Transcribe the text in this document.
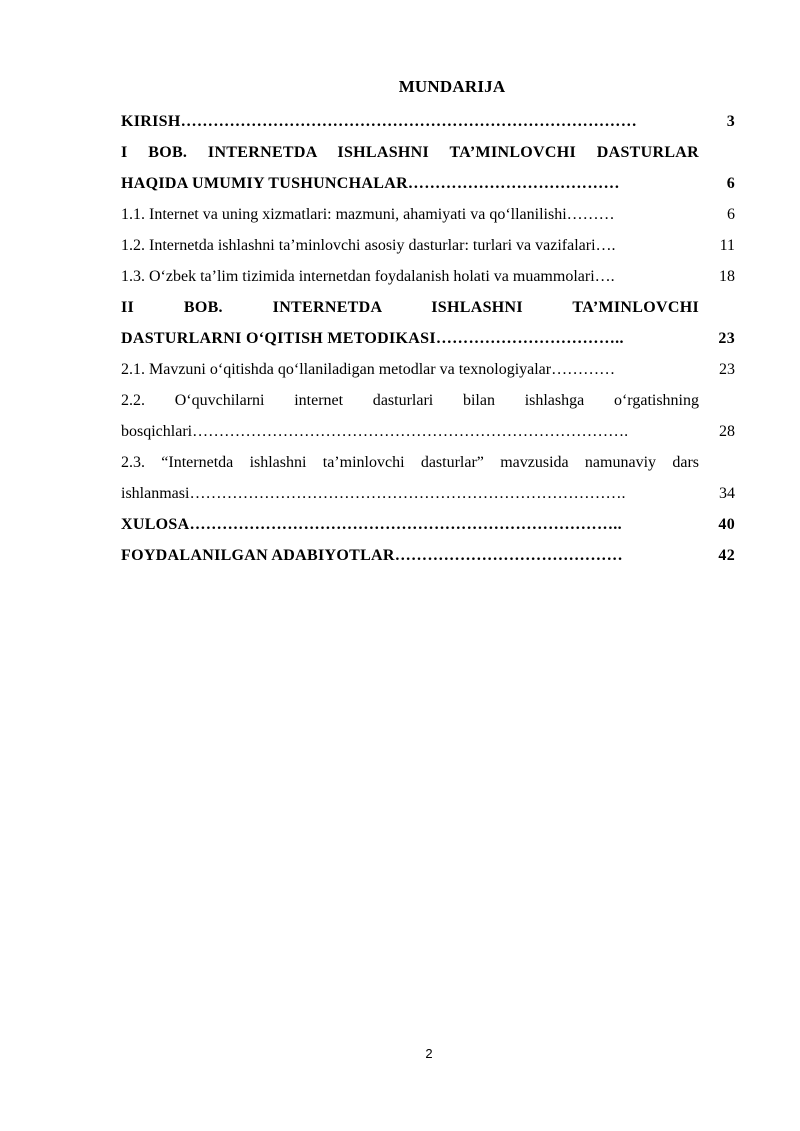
MUNDARIJA
KIRISH…………………………………………………………………………	3
I BOB. INTERNETDA ISHLASHNI TA’MINLOVCHI DASTURLAR
HAQIDA UMUMIY TUSHUNCHALAR…………………………………	6
1.1. Internet va uning xizmatlari: mazmuni, ahamiyati va qo‘llanilishi………	6
1.2. Internetda ishlashni ta’minlovchi asosiy dasturlar: turlari va vazifalari….	11
1.3. O‘zbek ta’lim tizimida internetdan foydalanish holati va muammolari….	18
II BOB. INTERNETDA ISHLASHNI TA’MINLOVCHI
DASTURLARNI O‘QITISH METODIKASI……………………………..	23
2.1. Mavzuni o‘qitishda qo‘llaniladigan metodlar va texnologiyalar…………	23
2.2. O‘quvchilarni internet dasturlari bilan ishlashga o‘rgatishning
bosqichlari……………………………………………………………………….	28
2.3. “Internetda ishlashni ta’minlovchi dasturlar” mavzusida namunaviy dars
ishlanmasi……………………………………………………………………….	34
XULOSA……………………………………………………………………..	40
FOYDALANILGAN ADABIYOTLAR……………………………………	42
2
